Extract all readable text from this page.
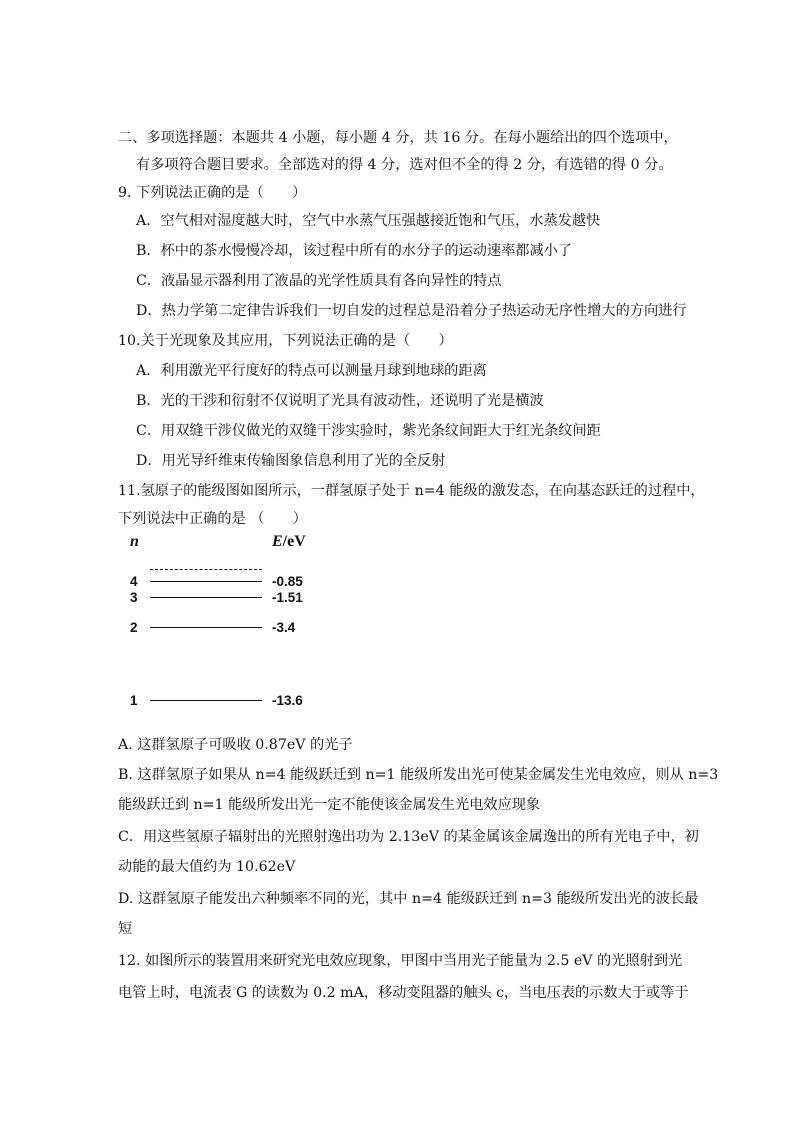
二、多项选择题：本题共 4 小题，每小题 4 分，共 16 分。在每小题给出的四个选项中，
有多项符合题目要求。全部选对的得 4 分，选对但不全的得 2 分，有选错的得 0 分。
9. 下列说法正确的是（　　）
A．空气相对湿度越大时，空气中水蒸气压强越接近饱和气压，水蒸发越快
B．杯中的茶水慢慢冷却，该过程中所有的水分子的运动速率都减小了
C．液晶显示器利用了液晶的光学性质具有各向异性的特点
D．热力学第二定律告诉我们一切自发的过程总是沿着分子热运动无序性增大的方向进行
10.关于光现象及其应用，下列说法正确的是（　　）
A．利用激光平行度好的特点可以测量月球到地球的距离
B．光的干涉和衍射不仅说明了光具有波动性，还说明了光是横波
C．用双缝干涉仪做光的双缝干涉实验时，紫光条纹间距大于红光条纹间距
D．用光导纤维束传输图象信息利用了光的全反射
11.氢原子的能级图如图所示，一群氢原子处于 n=4 能级的激发态，在向基态跃迁的过程中，
下列说法中正确的是 （　　）
n	E/eV
4	-0.85
3	-1.51
2	-3.4
1	-13.6
A. 这群氢原子可吸收 0.87eV 的光子
B. 这群氢原子如果从 n=4 能级跃迁到 n=1 能级所发出光可使某金属发生光电效应，则从 n=3
能级跃迁到 n=1 能级所发出光一定不能使该金属发生光电效应现象
C．用这些氢原子辐射出的光照射逸出功为 2.13eV 的某金属该金属逸出的所有光电子中，初
动能的最大值约为 10.62eV
D. 这群氢原子能发出六种频率不同的光，其中 n=4 能级跃迁到 n=3 能级所发出光的波长最
短
12. 如图所示的装置用来研究光电效应现象，甲图中当用光子能量为 2.5 eV 的光照射到光
电管上时，电流表 G 的读数为 0.2 mA，移动变阻器的触头 c，当电压表的示数大于或等于
